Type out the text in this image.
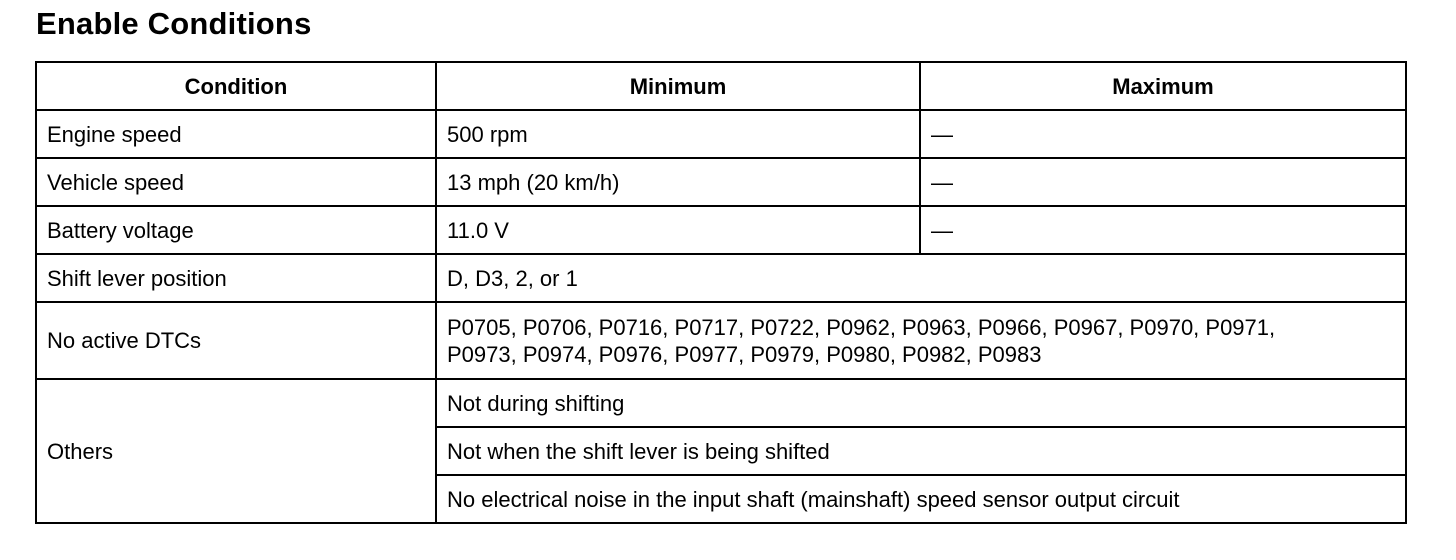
Enable Conditions
Condition	Minimum	Maximum
Engine speed	500 rpm	—
Vehicle speed	13 mph (20 km/h)	—
Battery voltage	11.0 V	—
Shift lever position	D, D3, 2, or 1	
No active DTCs	P0705, P0706, P0716, P0717, P0722, P0962, P0963, P0966, P0967, P0970, P0971,
P0973, P0974, P0976, P0977, P0979, P0980, P0982, P0983	

Others	Not during shifting	
	Not when the shift lever is being shifted	
	No electrical noise in the input shaft (mainshaft) speed sensor output circuit	
